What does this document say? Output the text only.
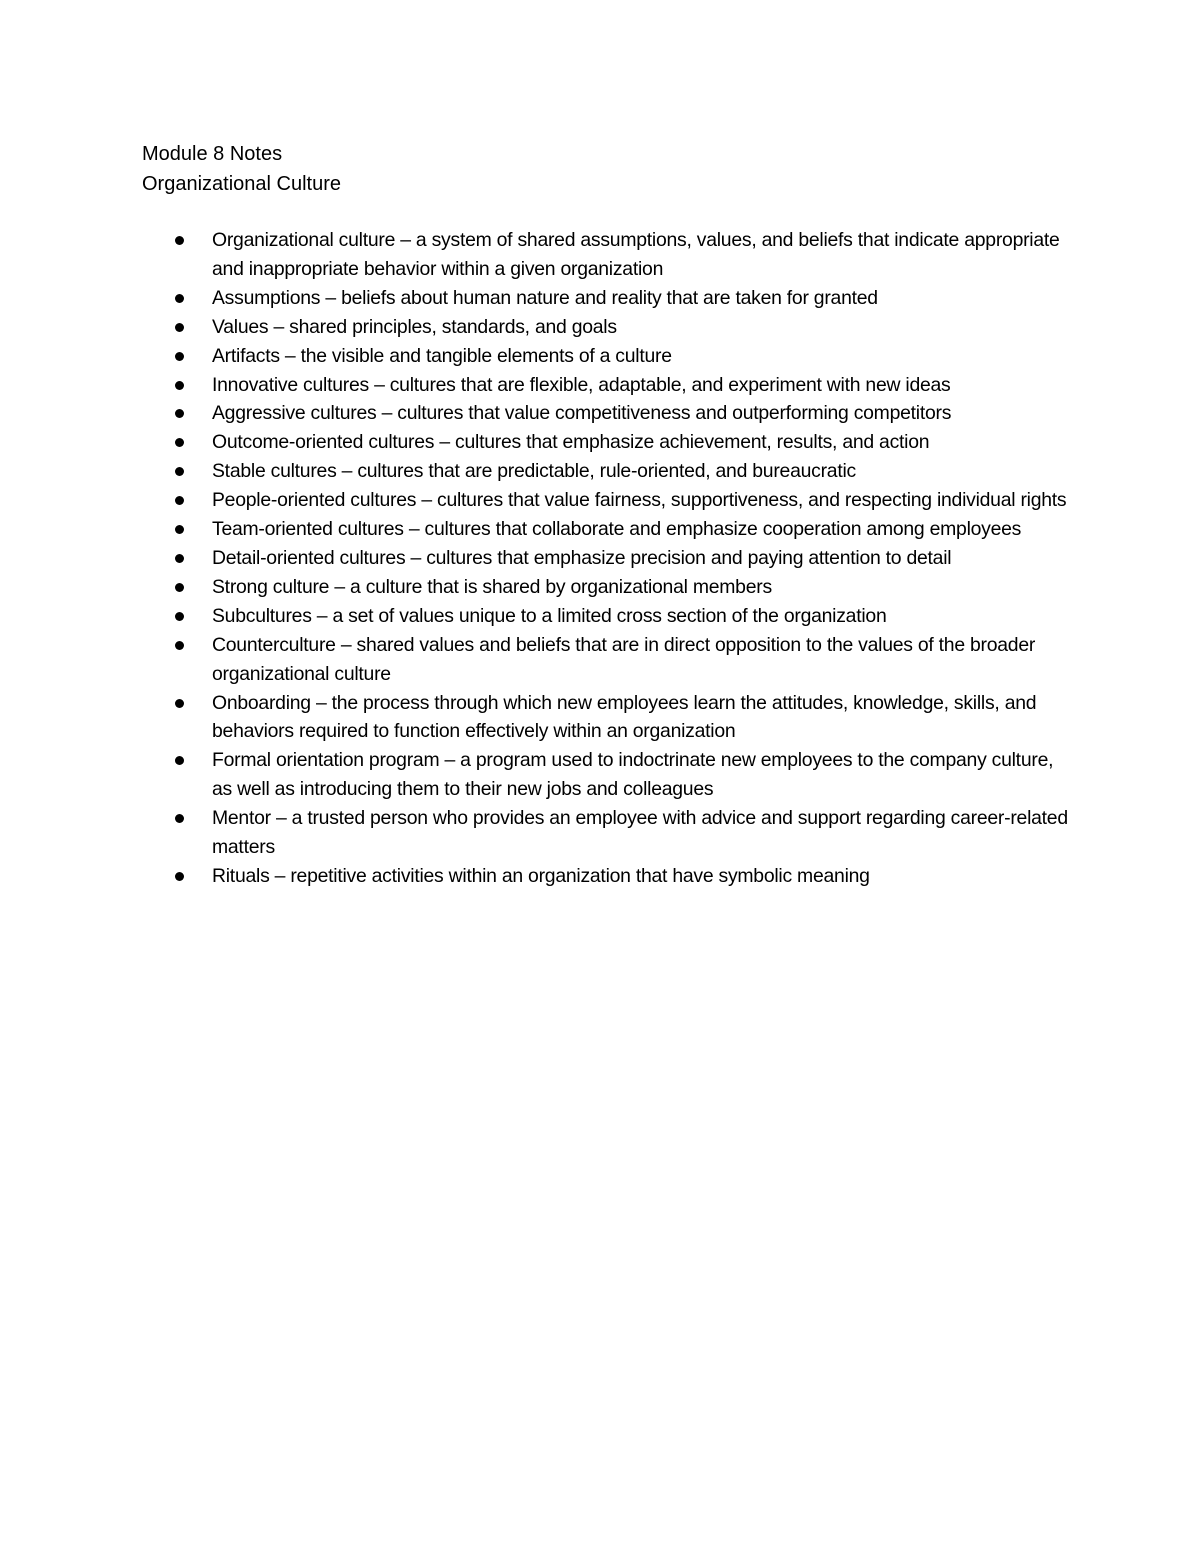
Module 8 Notes

Organizational Culture

Organizational culture – a system of shared assumptions, values, and beliefs that indicate appropriate and inappropriate behavior within a given organization
Assumptions – beliefs about human nature and reality that are taken for granted
Values – shared principles, standards, and goals
Artifacts – the visible and tangible elements of a culture
Innovative cultures – cultures that are flexible, adaptable, and experiment with new ideas
Aggressive cultures – cultures that value competitiveness and outperforming competitors
Outcome-oriented cultures – cultures that emphasize achievement, results, and action
Stable cultures – cultures that are predictable, rule-oriented, and bureaucratic
People-oriented cultures – cultures that value fairness, supportiveness, and respecting individual rights
Team-oriented cultures – cultures that collaborate and emphasize cooperation among employees
Detail-oriented cultures – cultures that emphasize precision and paying attention to detail
Strong culture – a culture that is shared by organizational members
Subcultures – a set of values unique to a limited cross section of the organization
Counterculture – shared values and beliefs that are in direct opposition to the values of the broader organizational culture
Onboarding – the process through which new employees learn the attitudes, knowledge, skills, and behaviors required to function effectively within an organization
Formal orientation program – a program used to indoctrinate new employees to the company culture, as well as introducing them to their new jobs and colleagues
Mentor – a trusted person who provides an employee with advice and support regarding career-related matters
Rituals – repetitive activities within an organization that have symbolic meaning
